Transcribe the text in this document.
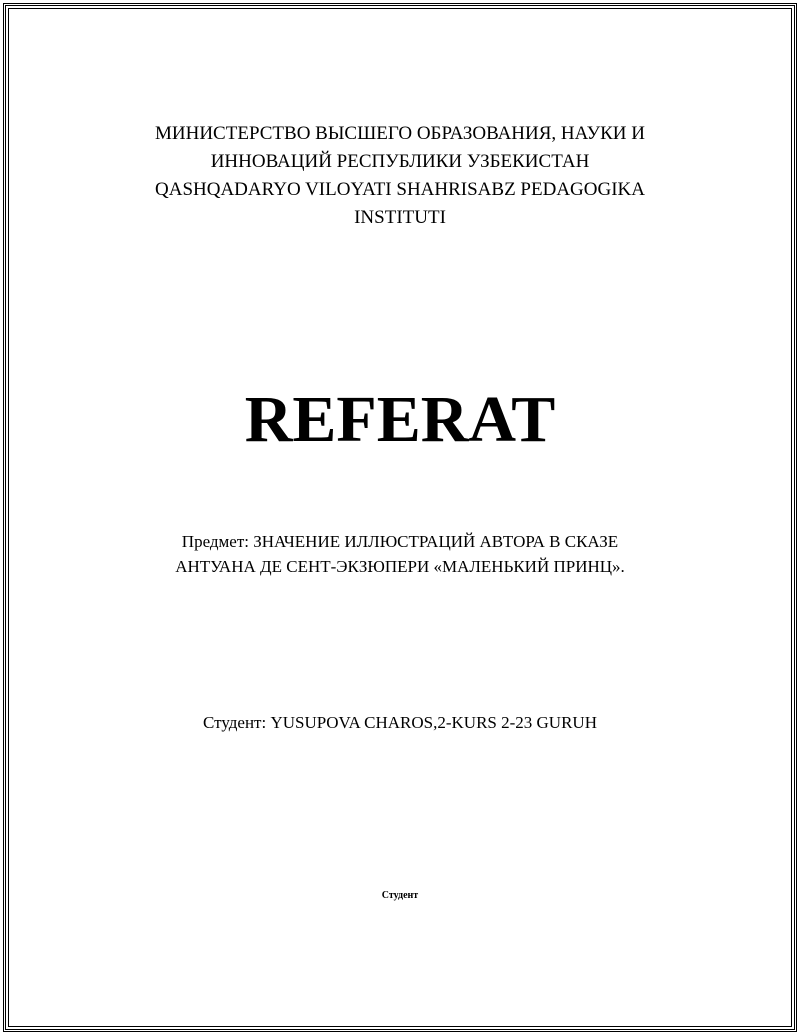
МИНИСТЕРСТВО ВЫСШЕГО ОБРАЗОВАНИЯ, НАУКИ И
ИННОВАЦИЙ РЕСПУБЛИКИ УЗБЕКИСТАН
QASHQADARYO VILOYATI SHAHRISABZ PEDAGOGIKA
INSTITUTI
REFERAT
Предмет: ЗНАЧЕНИЕ ИЛЛЮСТРАЦИЙ АВТОРА В СКАЗЕ
АНТУАНА ДЕ СЕНТ-ЭКЗЮПЕРИ «МАЛЕНЬКИЙ ПРИНЦ».
Студент: YUSUPOVA CHAROS,2-KURS 2-23 GURUH
Студент
